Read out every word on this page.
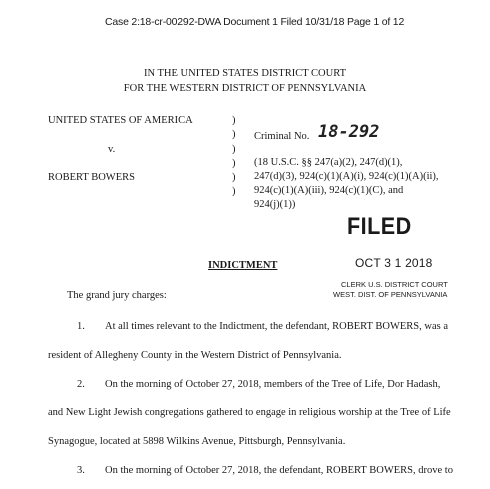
Case 2:18-cr-00292-DWA Document 1 Filed 10/31/18 Page 1 of 12
IN THE UNITED STATES DISTRICT COURT
FOR THE WESTERN DISTRICT OF PENNSYLVANIA
UNITED STATES OF AMERICA
v.
ROBERT BOWERS
)
)
)
)
)
)
Criminal No. 18-292
(18 U.S.C. §§ 247(a)(2), 247(d)(1),
247(d)(3), 924(c)(1)(A)(i), 924(c)(1)(A)(ii),
924(c)(1)(A)(iii), 924(c)(1)(C), and
924(j)(1))
FILED
OCT 3 1 2018
CLERK U.S. DISTRICT COURT
WEST. DIST. OF PENNSYLVANIA
INDICTMENT
The grand jury charges:
1. At all times relevant to the Indictment, the defendant, ROBERT BOWERS, was a
resident of Allegheny County in the Western District of Pennsylvania.
2. On the morning of October 27, 2018, members of the Tree of Life, Dor Hadash,
and New Light Jewish congregations gathered to engage in religious worship at the Tree of Life
Synagogue, located at 5898 Wilkins Avenue, Pittsburgh, Pennsylvania.
3. On the morning of October 27, 2018, the defendant, ROBERT BOWERS, drove to
